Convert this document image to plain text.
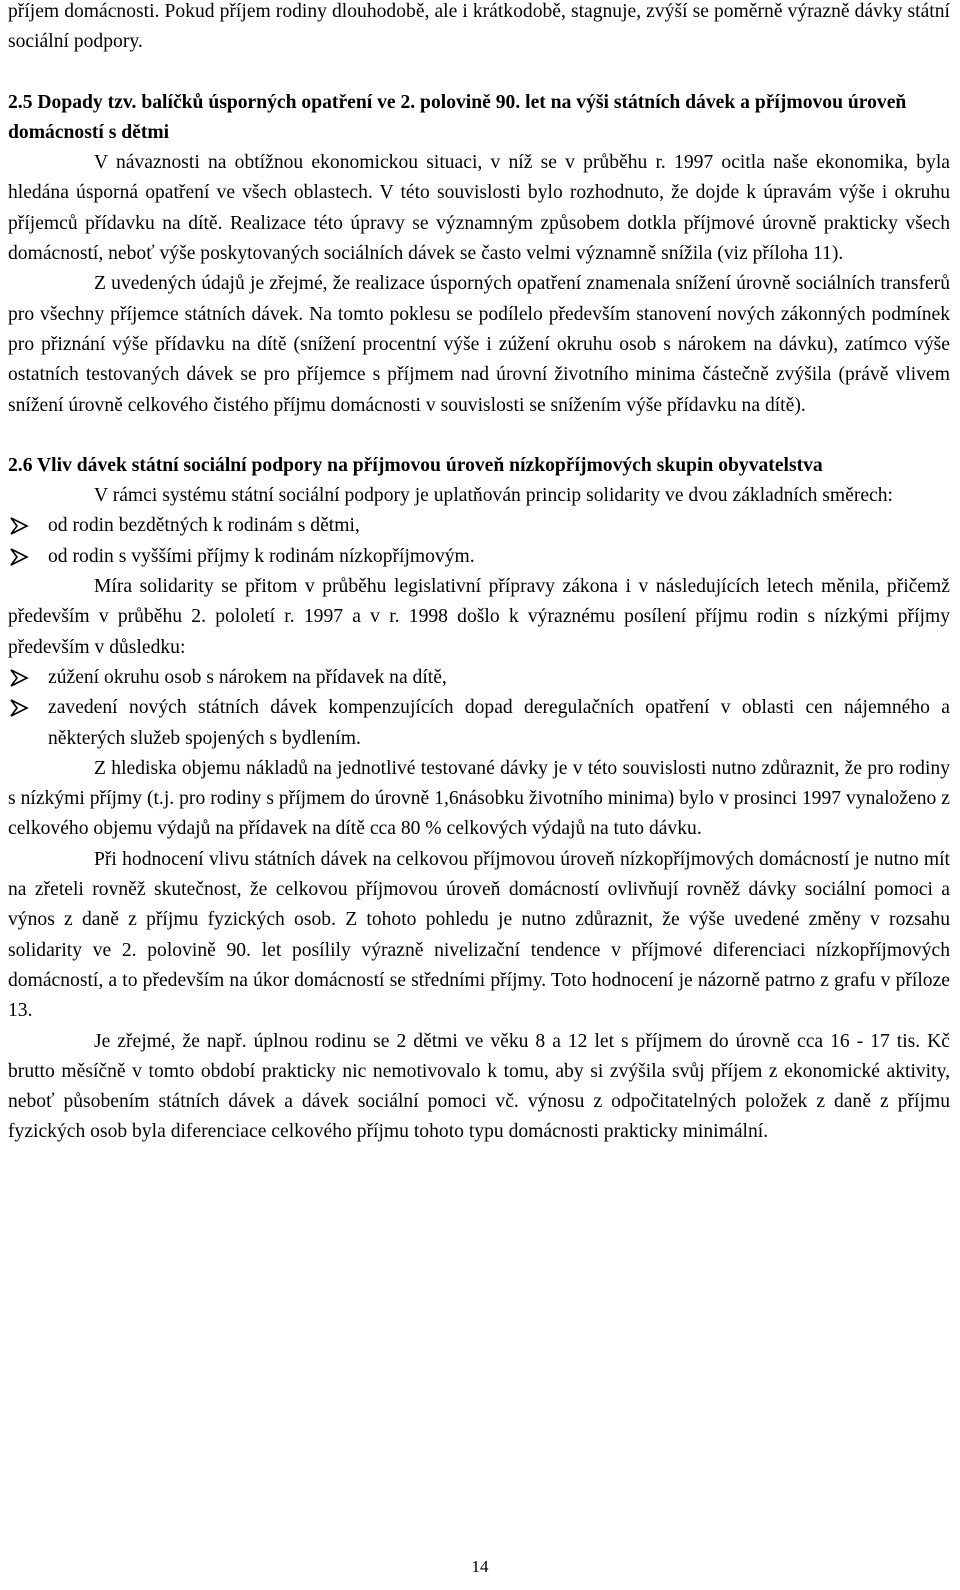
příjem domácnosti. Pokud příjem rodiny dlouhodobě, ale i krátkodobě, stagnuje, zvýší se poměrně výrazně dávky státní sociální podpory.

2.5 Dopady tzv. balíčků úsporných opatření ve 2. polovině 90. let na výši státních dávek a příjmovou úroveň domácností s dětmi

V návaznosti na obtížnou ekonomickou situaci, v níž se v průběhu r. 1997 ocitla naše ekonomika, byla hledána úsporná opatření ve všech oblastech. V této souvislosti bylo rozhodnuto, že dojde k úpravám výše i okruhu příjemců přídavku na dítě. Realizace této úpravy se významným způsobem dotkla příjmové úrovně prakticky všech domácností, neboť výše poskytovaných sociálních dávek se často velmi významně snížila (viz příloha 11).

Z uvedených údajů je zřejmé, že realizace úsporných opatření znamenala snížení úrovně sociálních transferů pro všechny příjemce státních dávek. Na tomto poklesu se podílelo především stanovení nových zákonných podmínek pro přiznání výše přídavku na dítě (snížení procentní výše i zúžení okruhu osob s nárokem na dávku), zatímco výše ostatních testovaných dávek se pro příjemce s příjmem nad úrovní životního minima částečně zvýšila (právě vlivem snížení úrovně celkového čistého příjmu domácnosti v souvislosti se snížením výše přídavku na dítě).

2.6 Vliv dávek státní sociální podpory na příjmovou úroveň nízkopříjmových skupin obyvatelstva

V rámci systému státní sociální podpory je uplatňován princip solidarity ve dvou základních směrech:

od rodin bezdětných k rodinám s dětmi,
od rodin s vyššími příjmy k rodinám nízkopříjmovým.

Míra solidarity se přitom v průběhu legislativní přípravy zákona i v následujících letech měnila, přičemž především v průběhu 2. pololetí r. 1997 a v r. 1998 došlo k výraznému posílení příjmu rodin s nízkými příjmy především v důsledku:

zúžení okruhu osob s nárokem na přídavek na dítě,
zavedení nových státních dávek kompenzujících dopad deregulačních opatření v oblasti cen nájemného a některých služeb spojených s bydlením.

Z hlediska objemu nákladů na jednotlivé testované dávky je v této souvislosti nutno zdůraznit, že pro rodiny s nízkými příjmy (t.j. pro rodiny s příjmem do úrovně 1,6násobku životního minima) bylo v prosinci 1997 vynaloženo z celkového objemu výdajů na přídavek na dítě cca 80 % celkových výdajů na tuto dávku.

Při hodnocení vlivu státních dávek na celkovou příjmovou úroveň nízkopříjmových domácností je nutno mít na zřeteli rovněž skutečnost, že celkovou příjmovou úroveň domácností ovlivňují rovněž dávky sociální pomoci a výnos z daně z příjmu fyzických osob. Z tohoto pohledu je nutno zdůraznit, že výše uvedené změny v rozsahu solidarity ve 2. polovině 90. let posílily výrazně nivelizační tendence v příjmové diferenciaci nízkopříjmových domácností, a to především na úkor domácností se středními příjmy. Toto hodnocení je názorně patrno z grafu v příloze 13.

Je zřejmé, že např. úplnou rodinu se 2 dětmi ve věku 8 a 12 let s příjmem do úrovně cca 16 - 17 tis. Kč brutto měsíčně v tomto období prakticky nic nemotivovalo k tomu, aby si zvýšila svůj příjem z ekonomické aktivity, neboť působením státních dávek a dávek sociální pomoci vč. výnosu z odpočitatelných položek z daně z příjmu fyzických osob byla diferenciace celkového příjmu tohoto typu domácnosti prakticky minimální.

14
